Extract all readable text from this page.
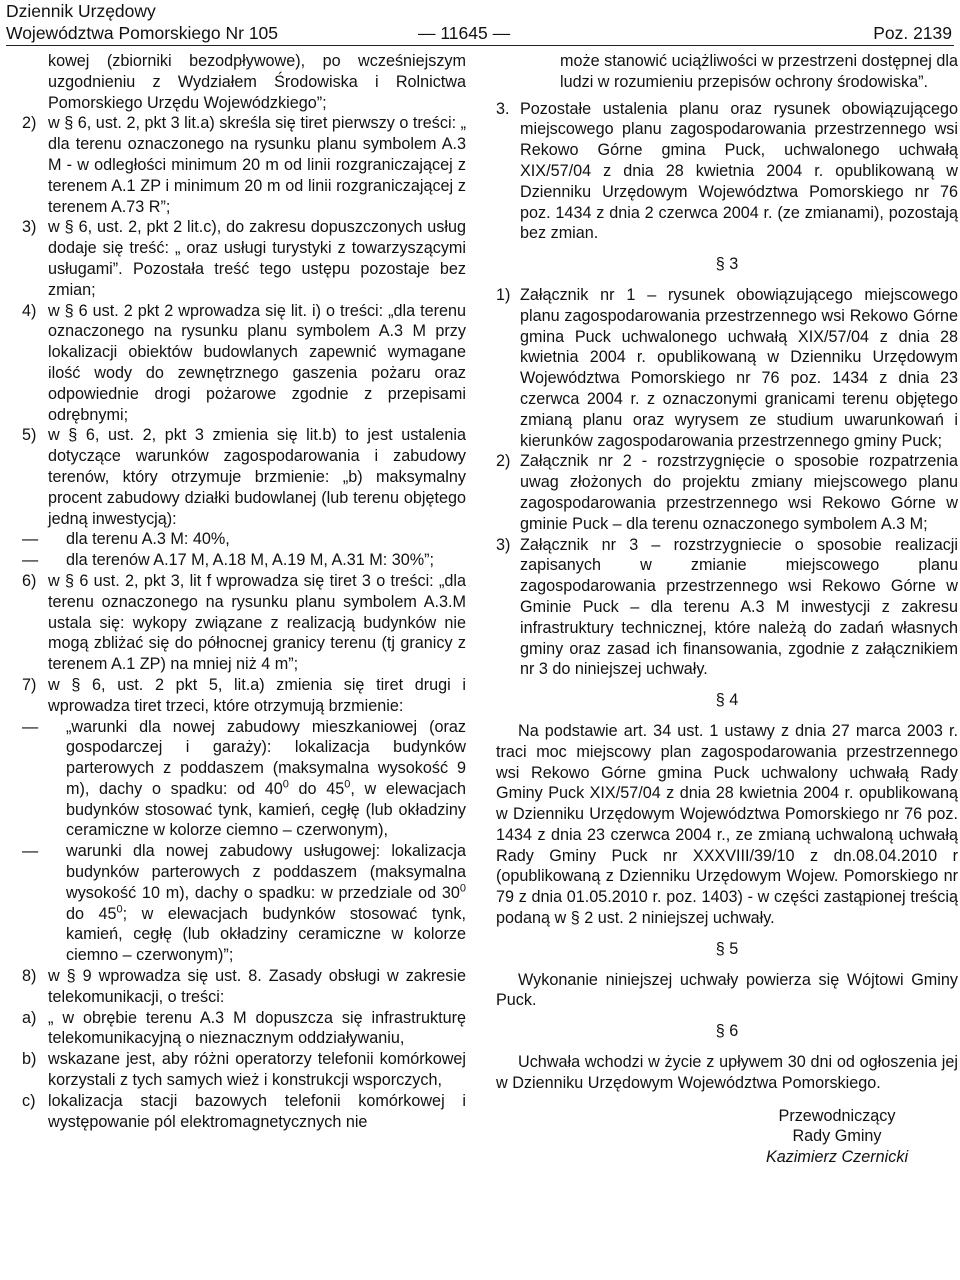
Dziennik Urzędowy
Województwa Pomorskiego Nr 105	— 11645 —	Poz. 2139

kowej (zbiorniki bezodpływowe), po wcześniejszym uzgodnieniu z Wydziałem Środowiska i Rolnictwa Pomorskiego Urzędu Wojewódzkiego”;

2) w § 6, ust. 2, pkt 3 lit.a) skreśla się tiret pierwszy o treści: „ dla terenu oznaczonego na rysunku planu symbolem A.3 M - w odległości minimum 20 m od linii rozgraniczającej z terenem A.1 ZP i minimum 20 m od linii rozgraniczającej z terenem A.73 R”;
3) w § 6, ust. 2, pkt 2 lit.c), do zakresu dopuszczonych usług dodaje się treść: „ oraz usługi turystyki z towarzyszącymi usługami”. Pozostała treść tego ustępu pozostaje bez zmian;
4) w § 6 ust. 2 pkt 2 wprowadza się lit. i) o treści: „dla terenu oznaczonego na rysunku planu symbolem A.3 M przy lokalizacji obiektów budowlanych zapewnić wymagane ilość wody do zewnętrznego gaszenia pożaru oraz odpowiednie drogi pożarowe zgodnie z przepisami odrębnymi;
5) w § 6, ust. 2, pkt 3 zmienia się lit.b) to jest ustalenia dotyczące warunków zagospodarowania i zabudowy terenów, który otrzymuje brzmienie: „b) maksymalny procent zabudowy działki budowlanej (lub terenu objętego jedną inwestycją):
—	dla terenu A.3 M: 40%,
—	dla terenów A.17 M, A.18 M, A.19 M, A.31 M: 30%”;
6) w § 6 ust. 2, pkt 3, lit f wprowadza się tiret 3 o treści: „dla terenu oznaczonego na rysunku planu symbolem A.3.M ustala się: wykopy związane z realizacją budynków nie mogą zbliżać się do północnej granicy terenu (tj granicy z terenem A.1 ZP) na mniej niż 4 m”;
7) w § 6, ust. 2 pkt 5, lit.a) zmienia się tiret drugi i wprowadza tiret trzeci, które otrzymują brzmienie:
—	„warunki dla nowej zabudowy mieszkaniowej (oraz gospodarczej i garaży): lokalizacja budynków parterowych z poddaszem (maksymalna wysokość 9 m), dachy o spadku: od $40^0$ do $45^0$, w elewacjach budynków stosować tynk, kamień, cegłę (lub okładziny ceramiczne w kolorze ciemno – czerwonym),
—	warunki dla nowej zabudowy usługowej: lokalizacja budynków parterowych z poddaszem (maksymalna wysokość 10 m), dachy o spadku: w przedziale od $30^0$ do $45^0$; w elewacjach budynków stosować tynk, kamień, cegłę (lub okładziny ceramiczne w kolorze ciemno – czerwonym)”;
8) w § 9 wprowadza się ust. 8. Zasady obsługi w zakresie telekomunikacji, o treści:
a) „ w obrębie terenu A.3 M dopuszcza się infrastrukturę telekomunikacyjną o nieznacznym oddziaływaniu,
b) wskazane jest, aby różni operatorzy telefonii komórkowej korzystali z tych samych wież i konstrukcji wsporczych,
c) lokalizacja stacji bazowych telefonii komórkowej i występowanie pól elektromagnetycznych nie

może stanowić uciążliwości w przestrzeni dostępnej dla ludzi w rozumieniu przepisów ochrony środowiska”.

3. Pozostałe ustalenia planu oraz rysunek obowiązującego miejscowego planu zagospodarowania przestrzennego wsi Rekowo Górne gmina Puck, uchwalonego uchwałą XIX/57/04 z dnia 28 kwietnia 2004 r. opublikowaną w Dzienniku Urzędowym Województwa Pomorskiego nr 76 poz. 1434 z dnia 2 czerwca 2004 r. (ze zmianami), pozostają bez zmian.
§ 3
1) Załącznik nr 1 – rysunek obowiązującego miejscowego planu zagospodarowania przestrzennego wsi Rekowo Górne gmina Puck uchwalonego uchwałą XIX/57/04 z dnia 28 kwietnia 2004 r. opublikowaną w Dzienniku Urzędowym Województwa Pomorskiego nr 76 poz. 1434 z dnia 23 czerwca 2004 r. z oznaczonymi granicami terenu objętego zmianą planu oraz wyrysem ze studium uwarunkowań i kierunków zagospodarowania przestrzennego gminy Puck;
2) Załącznik nr 2 - rozstrzygnięcie o sposobie rozpatrzenia uwag złożonych do projektu zmiany miejscowego planu zagospodarowania przestrzennego wsi Rekowo Górne w gminie Puck – dla terenu oznaczonego symbolem A.3 M;
3) Załącznik nr 3 – rozstrzygniecie o sposobie realizacji zapisanych w zmianie miejscowego planu zagospodarowania przestrzennego wsi Rekowo Górne w Gminie Puck – dla terenu A.3 M inwestycji z zakresu infrastruktury technicznej, które należą do zadań własnych gminy oraz zasad ich finansowania, zgodnie z załącznikiem nr 3 do niniejszej uchwały.
§ 4

Na podstawie art. 34 ust. 1 ustawy z dnia 27 marca 2003 r. traci moc miejscowy plan zagospodarowania przestrzennego wsi Rekowo Górne gmina Puck uchwalony uchwałą Rady Gminy Puck XIX/57/04 z dnia 28 kwietnia 2004 r. opublikowaną w Dzienniku Urzędowym Województwa Pomorskiego nr 76 poz. 1434 z dnia 23 czerwca 2004 r., ze zmianą uchwaloną uchwałą Rady Gminy Puck nr XXXVIII/39/10 z dn.08.04.2010 r (opublikowaną z Dzienniku Urzędowym Wojew. Pomorskiego nr 79 z dnia 01.05.2010 r. poz. 1403) - w części zastąpionej treścią podaną w § 2 ust. 2 niniejszej uchwały.

§ 5

Wykonanie niniejszej uchwały powierza się Wójtowi Gminy Puck.

§ 6

Uchwała wchodzi w życie z upływem 30 dni od ogłoszenia jej w Dzienniku Urzędowym Województwa Pomorskiego.

Przewodniczący
Rady Gminy
Kazimierz Czernicki
